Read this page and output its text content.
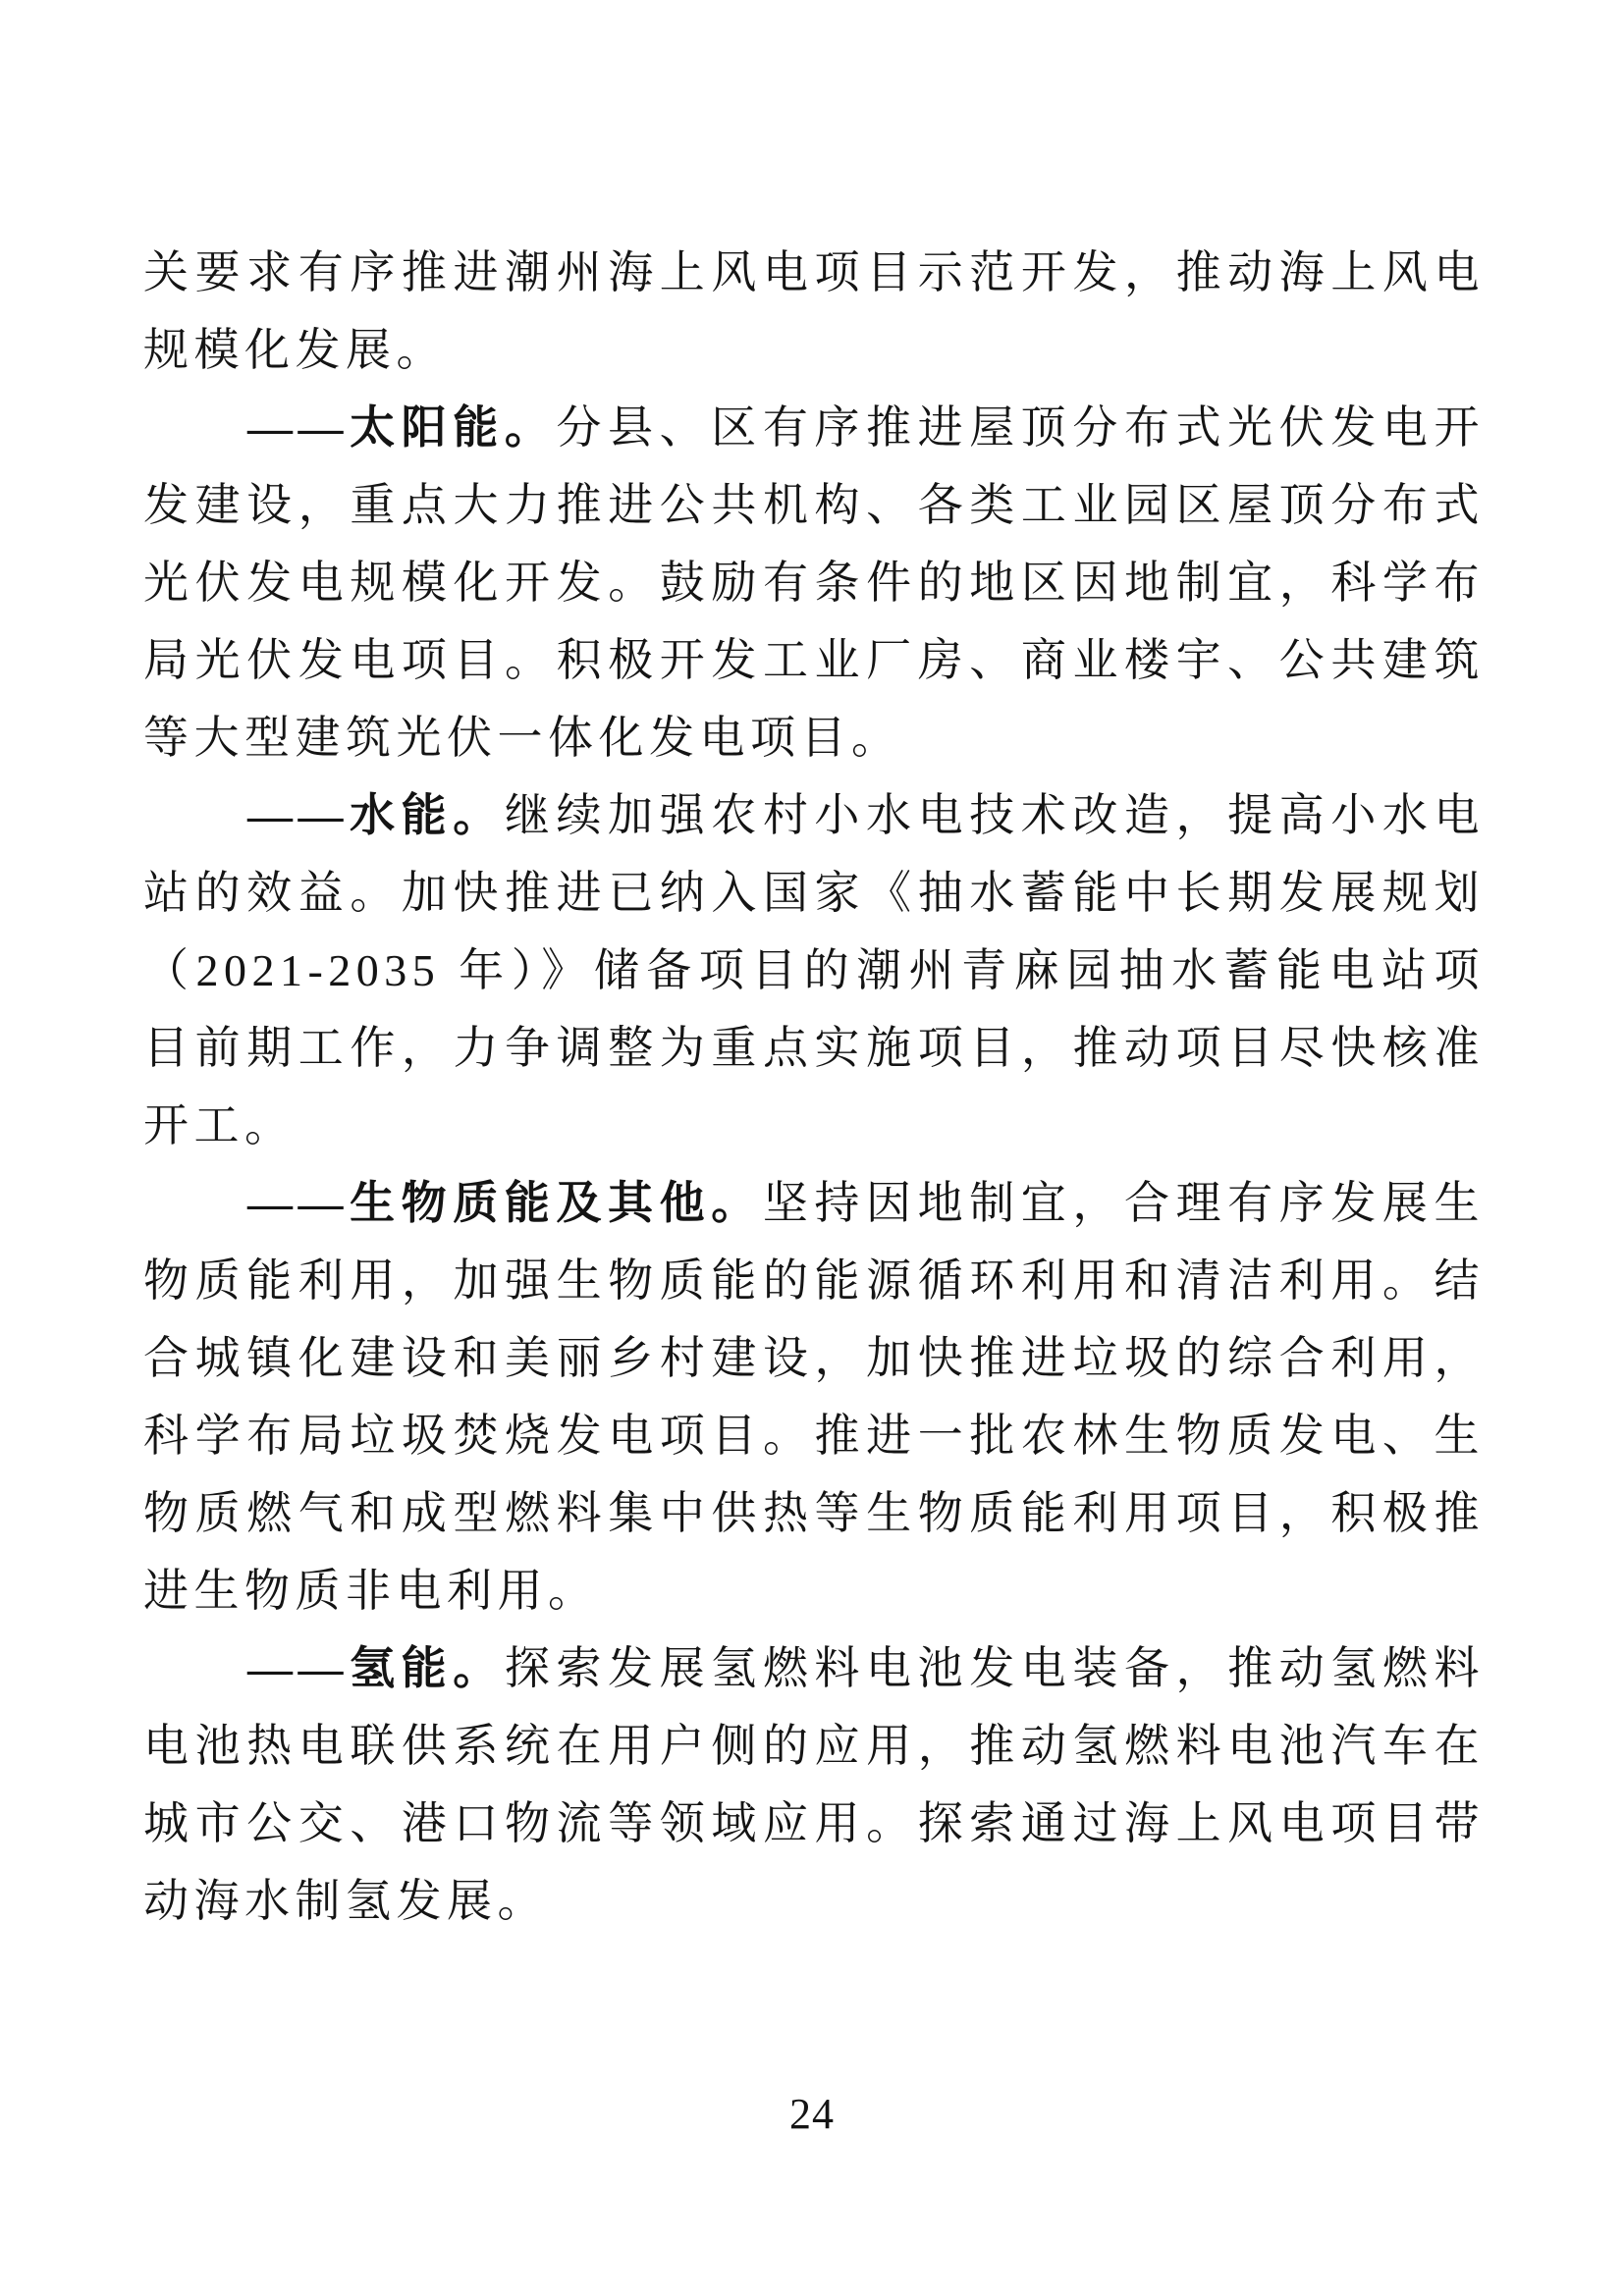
关要求有序推进潮州海上风电项目示范开发，推动海上风电规模化发展。

——太阳能。分县、区有序推进屋顶分布式光伏发电开发建设，重点大力推进公共机构、各类工业园区屋顶分布式光伏发电规模化开发。鼓励有条件的地区因地制宜，科学布局光伏发电项目。积极开发工业厂房、商业楼宇、公共建筑等大型建筑光伏一体化发电项目。

——水能。继续加强农村小水电技术改造，提高小水电站的效益。加快推进已纳入国家《抽水蓄能中长期发展规划（2021-2035 年）》储备项目的潮州青麻园抽水蓄能电站项目前期工作，力争调整为重点实施项目，推动项目尽快核准开工。

——生物质能及其他。坚持因地制宜，合理有序发展生物质能利用，加强生物质能的能源循环利用和清洁利用。结合城镇化建设和美丽乡村建设，加快推进垃圾的综合利用，科学布局垃圾焚烧发电项目。推进一批农林生物质发电、生物质燃气和成型燃料集中供热等生物质能利用项目，积极推进生物质非电利用。

——氢能。探索发展氢燃料电池发电装备，推动氢燃料电池热电联供系统在用户侧的应用，推动氢燃料电池汽车在城市公交、港口物流等领域应用。探索通过海上风电项目带动海水制氢发展。

24
